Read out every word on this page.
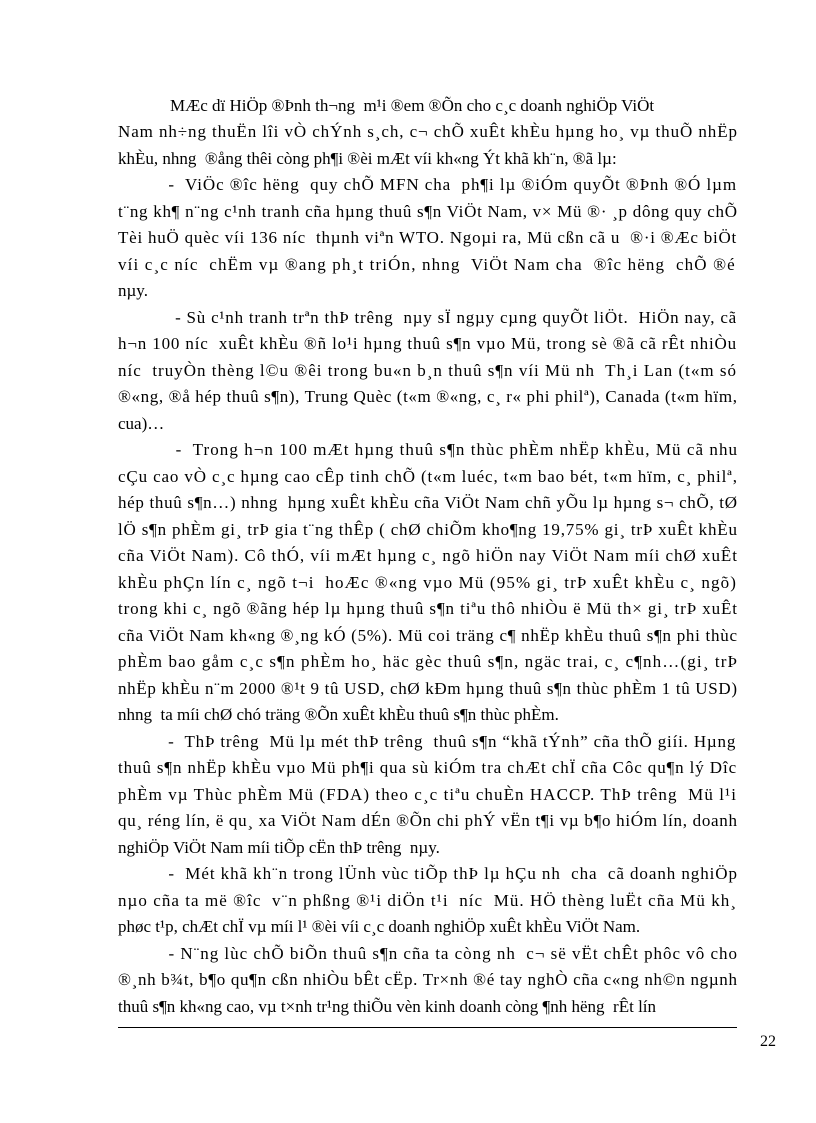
MÆc dï HiÖp ®Þnh th¬ng  m¹i ®em ®Õn cho c¸c doanh nghiÖp ViÖt
Nam nh÷ng thuËn lîi vÒ chÝnh s¸ch, c¬ chÕ xuÊt khÈu hµng ho¸ vµ thuÕ nhËp
khÈu, nhng  ®ång thêi còng ph¶i ®èi mÆt víi kh«ng Ýt khã kh¨n, ®ã lµ:
-  ViÖc ®îc hëng  quy chÕ MFN cha  ph¶i lµ ®iÓm quyÕt ®Þnh ®Ó lµm
t¨ng kh¶ n¨ng c¹nh tranh cña hµng thuû s¶n ViÖt Nam, v× Mü ®· ¸p dông quy chÕ
Tèi huÖ quèc víi 136 níc  thµnh viªn WTO. Ngoµi ra, Mü cßn cã u  ®·i ®Æc biÖt
víi c¸c níc  chËm vµ ®ang ph¸t triÓn, nhng  ViÖt Nam cha  ®îc hëng  chÕ ®é
nµy.
- Sù c¹nh tranh trªn thÞ trêng  nµy sÏ ngµy cµng quyÕt liÖt.  HiÖn nay, cã
h¬n 100 níc  xuÊt khÈu ®ñ lo¹i hµng thuû s¶n vµo Mü, trong sè ®ã cã rÊt nhiÒu
níc  truyÒn thèng l©u ®êi trong bu«n b¸n thuû s¶n víi Mü nh  Th¸i Lan (t«m só
®«ng, ®å hép thuû s¶n), Trung Quèc (t«m ®«ng, c¸ r« phi philª), Canada (t«m hïm,
cua)…
-  Trong h¬n 100 mÆt hµng thuû s¶n thùc phÈm nhËp khÈu, Mü cã nhu
cÇu cao vÒ c¸c hµng cao cÊp tinh chÕ (t«m luéc, t«m bao bét, t«m hïm, c¸ philª,
hép thuû s¶n…) nhng  hµng xuÊt khÈu cña ViÖt Nam chñ yÕu lµ hµng s¬ chÕ, tØ
lÖ s¶n phÈm gi¸ trÞ gia t¨ng thÊp ( chØ chiÕm kho¶ng 19,75% gi¸ trÞ xuÊt khÈu
cña ViÖt Nam). Cô thÓ, víi mÆt hµng c¸ ngõ hiÖn nay ViÖt Nam míi chØ xuÊt
khÈu phÇn lín c¸ ngõ t¬i  hoÆc ®«ng vµo Mü (95% gi¸ trÞ xuÊt khÈu c¸ ngõ)
trong khi c¸ ngõ ®ãng hép lµ hµng thuû s¶n tiªu thô nhiÒu ë Mü th× gi¸ trÞ xuÊt
cña ViÖt Nam kh«ng ®¸ng kÓ (5%). Mü coi träng c¶ nhËp khÈu thuû s¶n phi thùc
phÈm bao gåm c¸c s¶n phÈm ho¸ häc gèc thuû s¶n, ngäc trai, c¸ c¶nh…(gi¸ trÞ
nhËp khÈu n¨m 2000 ®¹t 9 tû USD, chØ kÐm hµng thuû s¶n thùc phÈm 1 tû USD)
nhng  ta míi chØ chó träng ®Õn xuÊt khÈu thuû s¶n thùc phÈm.
-  ThÞ trêng  Mü lµ mét thÞ trêng  thuû s¶n “khã tÝnh” cña thÕ giíi. Hµng
thuû s¶n nhËp khÈu vµo Mü ph¶i qua sù kiÓm tra chÆt chÏ cña Côc qu¶n lý Dîc
phÈm vµ Thùc phÈm Mü (FDA) theo c¸c tiªu chuÈn HACCP. ThÞ trêng  Mü l¹i
qu¸ réng lín, ë qu¸ xa ViÖt Nam dÉn ®Õn chi phÝ vËn t¶i vµ b¶o hiÓm lín, doanh
nghiÖp ViÖt Nam míi tiÕp cËn thÞ trêng  nµy.
-  Mét khã kh¨n trong lÜnh vùc tiÕp thÞ lµ hÇu nh  cha  cã doanh nghiÖp
nµo cña ta më ®îc  v¨n phßng ®¹i diÖn t¹i  níc  Mü. HÖ thèng luËt cña Mü kh¸
phøc t¹p, chÆt chÏ vµ míi l¹ ®èi víi c¸c doanh nghiÖp xuÊt khÈu ViÖt Nam.
- N¨ng lùc chÕ biÕn thuû s¶n cña ta còng nh  c¬ së vËt chÊt phôc vô cho
®¸nh b¾t, b¶o qu¶n cßn nhiÒu bÊt cËp. Tr×nh ®é tay nghÒ cña c«ng nh©n ngµnh
thuû s¶n kh«ng cao, vµ t×nh tr¹ng thiÕu vèn kinh doanh còng ¶nh hëng  rÊt lín
22
